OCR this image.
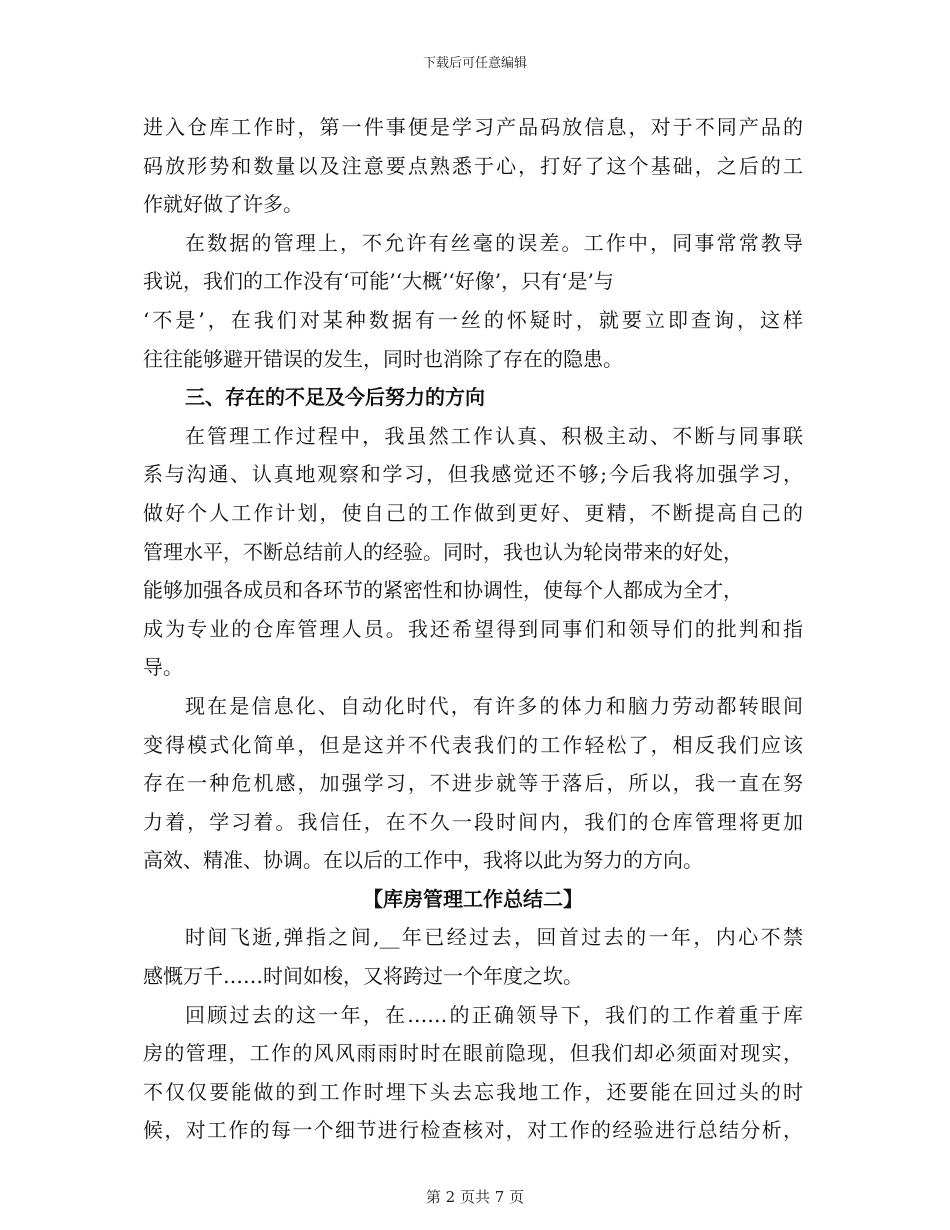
下载后可任意编辑
进入仓库工作时，第一件事便是学习产品码放信息，对于不同产品的
码放形势和数量以及注意要点熟悉于心，打好了这个基础，之后的工
作就好做了许多。
在数据的管理上，不允许有丝毫的误差。工作中，同事常常教导
我说，我们的工作没有‘可能’‘大概’‘好像’，只有‘是’与
‘不是’，在我们对某种数据有一丝的怀疑时，就要立即查询，这样
往往能够避开错误的发生，同时也消除了存在的隐患。
三、存在的不足及今后努力的方向
在管理工作过程中，我虽然工作认真、积极主动、不断与同事联
系与沟通、认真地观察和学习，但我感觉还不够;今后我将加强学习，
做好个人工作计划，使自己的工作做到更好、更精，不断提高自己的
管理水平，不断总结前人的经验。同时，我也认为轮岗带来的好处，
能够加强各成员和各环节的紧密性和协调性，使每个人都成为全才，
成为专业的仓库管理人员。我还希望得到同事们和领导们的批判和指
导。
现在是信息化、自动化时代，有许多的体力和脑力劳动都转眼间
变得模式化简单，但是这并不代表我们的工作轻松了，相反我们应该
存在一种危机感，加强学习，不进步就等于落后，所以，我一直在努
力着，学习着。我信任，在不久一段时间内，我们的仓库管理将更加
高效、精准、协调。在以后的工作中，我将以此为努力的方向。
【库房管理工作总结二】
时间飞逝,弹指之间,__年已经过去，回首过去的一年，内心不禁
感慨万千……时间如梭，又将跨过一个年度之坎。
回顾过去的这一年，在……的正确领导下，我们的工作着重于库
房的管理，工作的风风雨雨时时在眼前隐现，但我们却必须面对现实，
不仅仅要能做的到工作时埋下头去忘我地工作，还要能在回过头的时
候，对工作的每一个细节进行检查核对，对工作的经验进行总结分析，
第 2 页共 7 页
